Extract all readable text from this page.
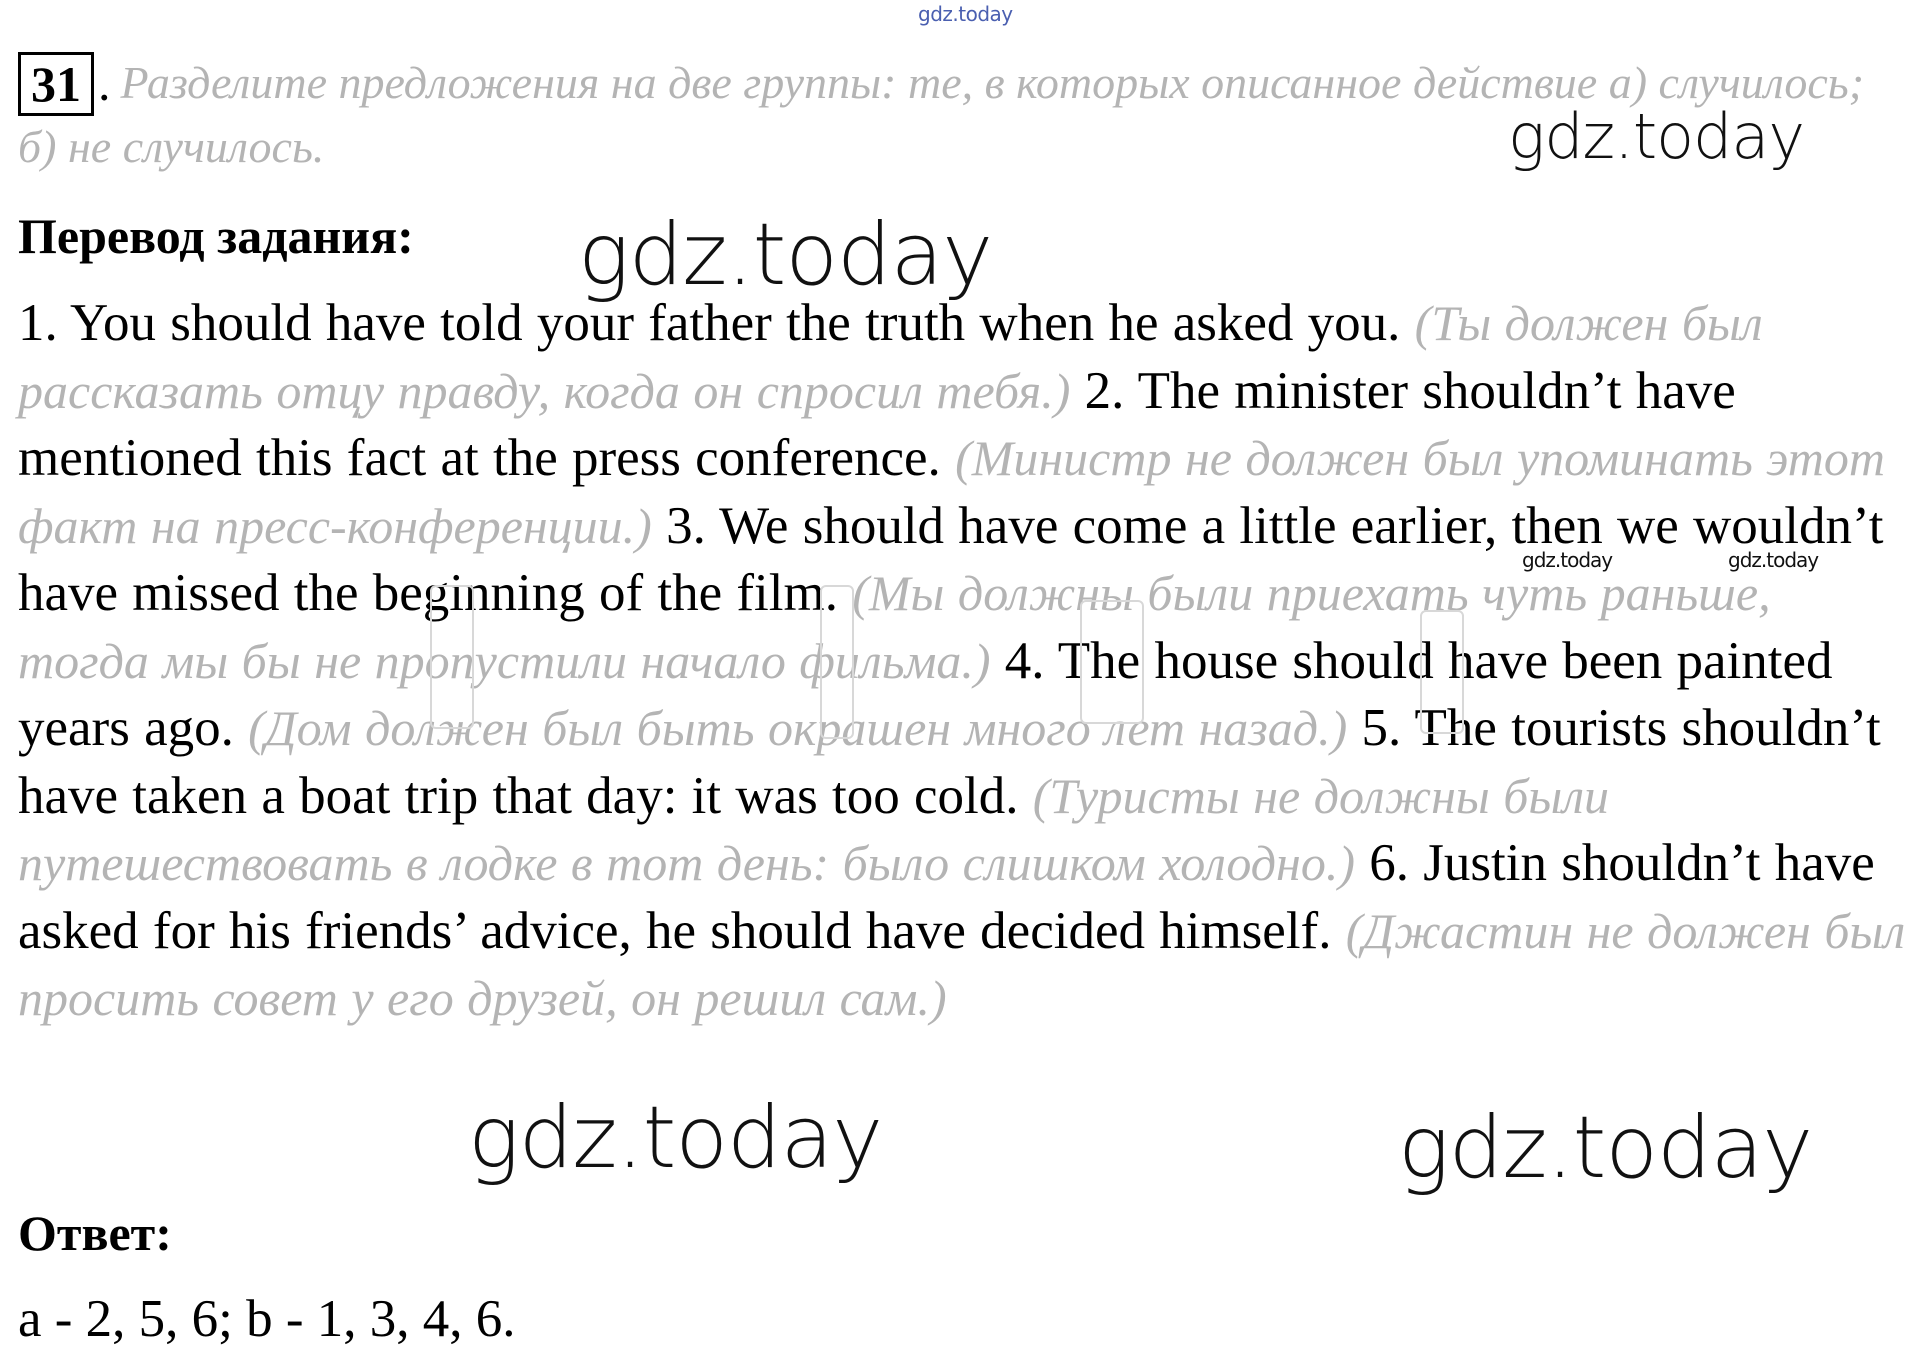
gdz.today
31 . Разделите предложения на две группы: те, в которых описанное действие а) случилось; б) не случилось.
Перевод задания:
1. You should have told your father the truth when he asked you. (Ты должен был рассказать отцу правду, когда он спросил тебя.) 2. The minister shouldn’t have mentioned this fact at the press conference. (Министр не должен был упоминать этот факт на пресс-конференции.) 3. We should have come a little earlier, then we wouldn’t have missed the beginning of the film. (Мы должны были приехать чуть раньше, тогда мы бы не пропустили начало фильма.) 4. The house should have been painted years ago. (Дом должен был быть окрашен много лет назад.) 5. The tourists shouldn’t have taken a boat trip that day: it was too cold. (Туристы не должны были путешествовать в лодке в тот день: было слишком холодно.) 6. Justin shouldn’t have asked for his friends’ advice, he should have decided himself. (Джастин не должен был просить совет у его друзей, он решил сам.)
Ответ:
a - 2, 5, 6; b - 1, 3, 4, 6.
gdz.today
gdz.today
gdz.today	gdz.today
gdz.today	gdz.today
